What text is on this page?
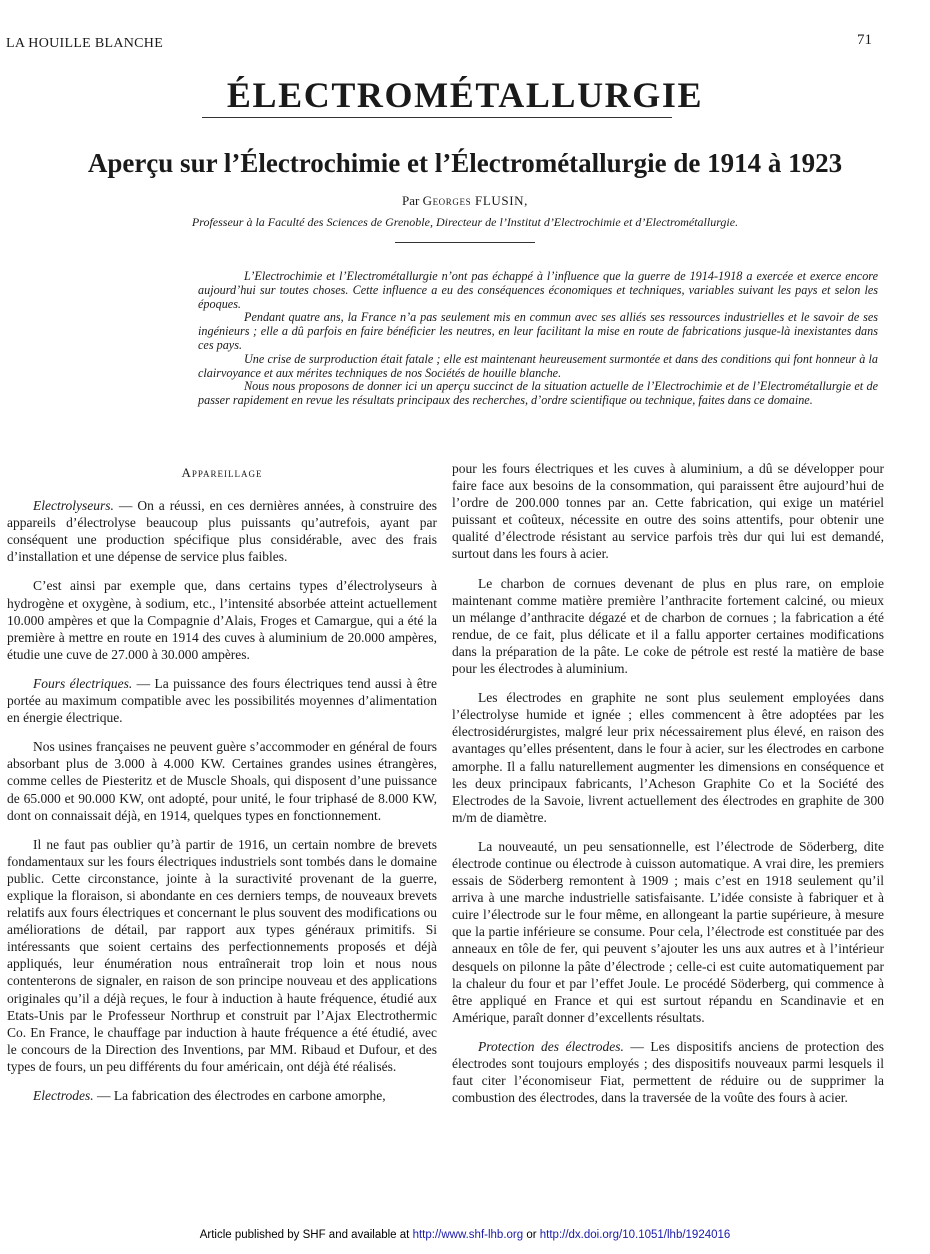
LA HOUILLE BLANCHE	71
ÉLECTROMÉTALLURGIE
Aperçu sur l’Électrochimie et l’Électrométallurgie de 1914 à 1923
Par Georges FLUSIN,
Professeur à la Faculté des Sciences de Grenoble, Directeur de l’Institut d’Electrochimie et d’Electrométallurgie.

L’Electrochimie et l’Electrométallurgie n’ont pas échappé à l’influence que la guerre de 1914-1918 a exercée et exerce encore aujourd’hui sur toutes choses. Cette influence a eu des conséquences économiques et techniques, variables suivant les pays et selon les époques.

Pendant quatre ans, la France n’a pas seulement mis en commun avec ses alliés ses ressources industrielles et le savoir de ses ingénieurs ; elle a dû parfois en faire bénéficier les neutres, en leur facilitant la mise en route de fabrications jusque-là inexistantes dans ces pays.

Une crise de surproduction était fatale ; elle est maintenant heureusement surmontée et dans des conditions qui font honneur à la clairvoyance et aux mérites techniques de nos Sociétés de houille blanche.

Nous nous proposons de donner ici un aperçu succinct de la situation actuelle de l’Electrochimie et de l’Electrométallurgie et de passer rapidement en revue les résultats principaux des recherches, d’ordre scientifique ou technique, faites dans ce domaine.

Appareillage

Electrolyseurs. — On a réussi, en ces dernières années, à construire des appareils d’électrolyse beaucoup plus puissants qu’autrefois, ayant par conséquent une production spécifique plus considérable, avec des frais d’installation et une dépense de service plus faibles.

C’est ainsi par exemple que, dans certains types d’électrolyseurs à hydrogène et oxygène, à sodium, etc., l’intensité absorbée atteint actuellement 10.000 ampères et que la Compagnie d’Alais, Froges et Camargue, qui a été la première à mettre en route en 1914 des cuves à aluminium de 20.000 ampères, étudie une cuve de 27.000 à 30.000 ampères.

Fours électriques. — La puissance des fours électriques tend aussi à être portée au maximum compatible avec les possibilités moyennes d’alimentation en énergie électrique.

Nos usines françaises ne peuvent guère s’accommoder en général de fours absorbant plus de 3.000 à 4.000 KW. Certaines grandes usines étrangères, comme celles de Piesteritz et de Muscle Shoals, qui disposent d’une puissance de 65.000 et 90.000 KW, ont adopté, pour unité, le four triphasé de 8.000 KW, dont on connaissait déjà, en 1914, quelques types en fonctionnement.

Il ne faut pas oublier qu’à partir de 1916, un certain nombre de brevets fondamentaux sur les fours électriques industriels sont tombés dans le domaine public. Cette circonstance, jointe à la suractivité provenant de la guerre, explique la floraison, si abondante en ces derniers temps, de nouveaux brevets relatifs aux fours électriques et concernant le plus souvent des modifications ou améliorations de détail, par rapport aux types généraux primitifs. Si intéressants que soient certains des perfectionnements proposés et déjà appliqués, leur énumération nous entraînerait trop loin et nous nous contenterons de signaler, en raison de son principe nouveau et des applications originales qu’il a déjà reçues, le four à induction à haute fréquence, étudié aux Etats-Unis par le Professeur Northrup et construit par l’Ajax Electrothermic Co. En France, le chauffage par induction à haute fréquence a été étudié, avec le concours de la Direction des Inventions, par MM. Ribaud et Dufour, et des types de fours, un peu différents du four américain, ont déjà été réalisés.

Electrodes. — La fabrication des électrodes en carbone amorphe,

pour les fours électriques et les cuves à aluminium, a dû se développer pour faire face aux besoins de la consommation, qui paraissent être aujourd’hui de l’ordre de 200.000 tonnes par an. Cette fabrication, qui exige un matériel puissant et coûteux, nécessite en outre des soins attentifs, pour obtenir une qualité d’électrode résistant au service parfois très dur qui lui est demandé, surtout dans les fours à acier.

Le charbon de cornues devenant de plus en plus rare, on emploie maintenant comme matière première l’anthracite fortement calciné, ou mieux un mélange d’anthracite dégazé et de charbon de cornues ; la fabrication a été rendue, de ce fait, plus délicate et il a fallu apporter certaines modifications dans la préparation de la pâte. Le coke de pétrole est resté la matière de base pour les électrodes à aluminium.

Les électrodes en graphite ne sont plus seulement employées dans l’électrolyse humide et ignée ; elles commencent à être adoptées par les électrosidérurgistes, malgré leur prix nécessairement plus élevé, en raison des avantages qu’elles présentent, dans le four à acier, sur les électrodes en carbone amorphe. Il a fallu naturellement augmenter les dimensions en conséquence et les deux principaux fabricants, l’Acheson Graphite Co et la Société des Electrodes de la Savoie, livrent actuellement des électrodes en graphite de 300 m/m de diamètre.

La nouveauté, un peu sensationnelle, est l’électrode de Söderberg, dite électrode continue ou électrode à cuisson automatique. A vrai dire, les premiers essais de Söderberg remontent à 1909 ; mais c’est en 1918 seulement qu’il arriva à une marche industrielle satisfaisante. L’idée consiste à fabriquer et à cuire l’électrode sur le four même, en allongeant la partie supérieure, à mesure que la partie inférieure se consume. Pour cela, l’électrode est constituée par des anneaux en tôle de fer, qui peuvent s’ajouter les uns aux autres et à l’intérieur desquels on pilonne la pâte d’électrode ; celle-ci est cuite automatiquement par la chaleur du four et par l’effet Joule. Le procédé Söderberg, qui commence à être appliqué en France et qui est surtout répandu en Scandinavie et en Amérique, paraît donner d’excellents résultats.

Protection des électrodes. — Les dispositifs anciens de protection des électrodes sont toujours employés ; des dispositifs nouveaux parmi lesquels il faut citer l’économiseur Fiat, permettent de réduire ou de supprimer la combustion des électrodes, dans la traversée de la voûte des fours à acier.

Article published by SHF and available at http://www.shf-lhb.org or http://dx.doi.org/10.1051/lhb/1924016
